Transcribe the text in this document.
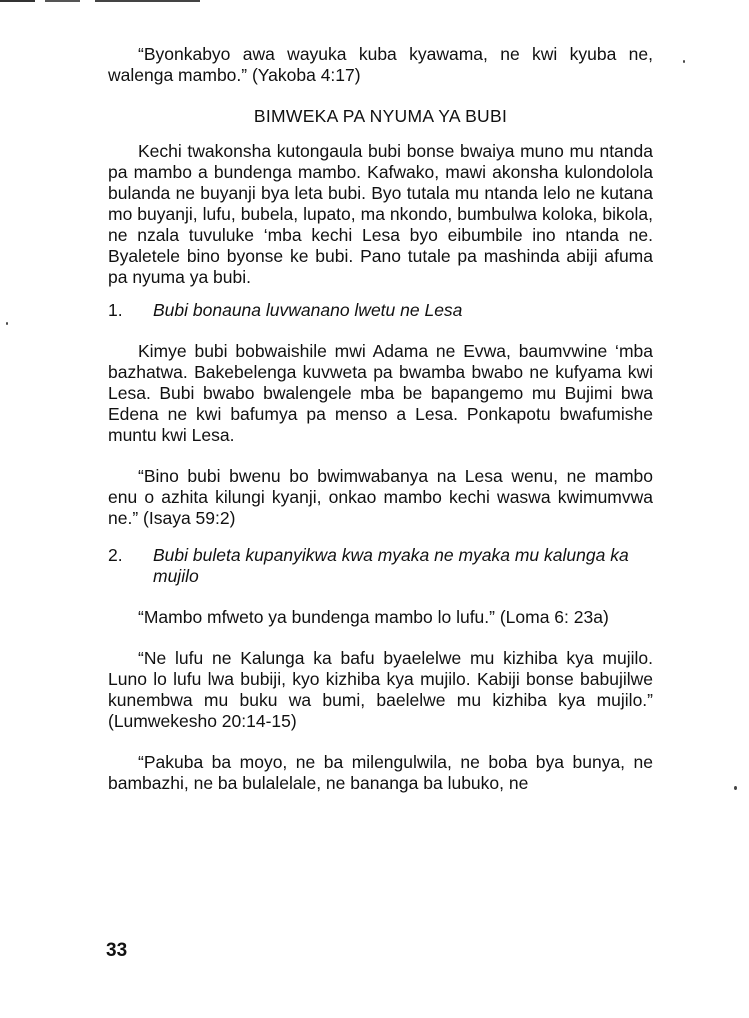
“Byonkabyo awa wayuka kuba kyawama, ne kwi kyuba ne, walenga mambo.” (Yakoba 4:17)

BIMWEKA PA NYUMA YA BUBI

Kechi twakonsha kutongaula bubi bonse bwaiya muno mu ntanda pa mambo a bundenga mambo. Kafwako, mawi akonsha kulondolola bulanda ne buyanji bya leta bubi. Byo tutala mu ntanda lelo ne kutana mo buyanji, lufu, bubela, lupato, ma nkondo, bumbulwa koloka, bikola, ne nzala tuvuluke ‘mba kechi Lesa byo eibumbile ino ntanda ne. Byaletele bino byonse ke bubi. Pano tutale pa mashinda abiji afuma pa nyuma ya bubi.

1.	Bubi bonauna luvwanano lwetu ne Lesa

Kimye bubi bobwaishile mwi Adama ne Evwa, baumvwine ‘mba bazhatwa. Bakebelenga kuvweta pa bwamba bwabo ne kufyama kwi Lesa. Bubi bwabo bwalengele mba be bapangemo mu Bujimi bwa Edena ne kwi bafumya pa menso a Lesa. Ponkapotu bwafumishe muntu kwi Lesa.

“Bino bubi bwenu bo bwimwabanya na Lesa wenu, ne mambo enu o azhita kilungi kyanji, onkao mambo kechi waswa kwimumvwa ne.” (Isaya 59:2)

2.	Bubi buleta kupanyikwa kwa myaka ne myaka mu kalunga ka mujilo

“Mambo mfweto ya bundenga mambo lo lufu.” (Loma 6: 23a)

“Ne lufu ne Kalunga ka bafu byaelelwe mu kizhiba kya mujilo. Luno lo lufu lwa bubiji, kyo kizhiba kya mujilo. Kabiji bonse babujilwe kunembwa mu buku wa bumi, baelelwe mu kizhiba kya mujilo.” (Lumwekesho 20:14-15)

“Pakuba ba moyo, ne ba milengulwila, ne boba bya bunya, ne bambazhi, ne ba bulalelale, ne bananga ba lubuko, ne

33
